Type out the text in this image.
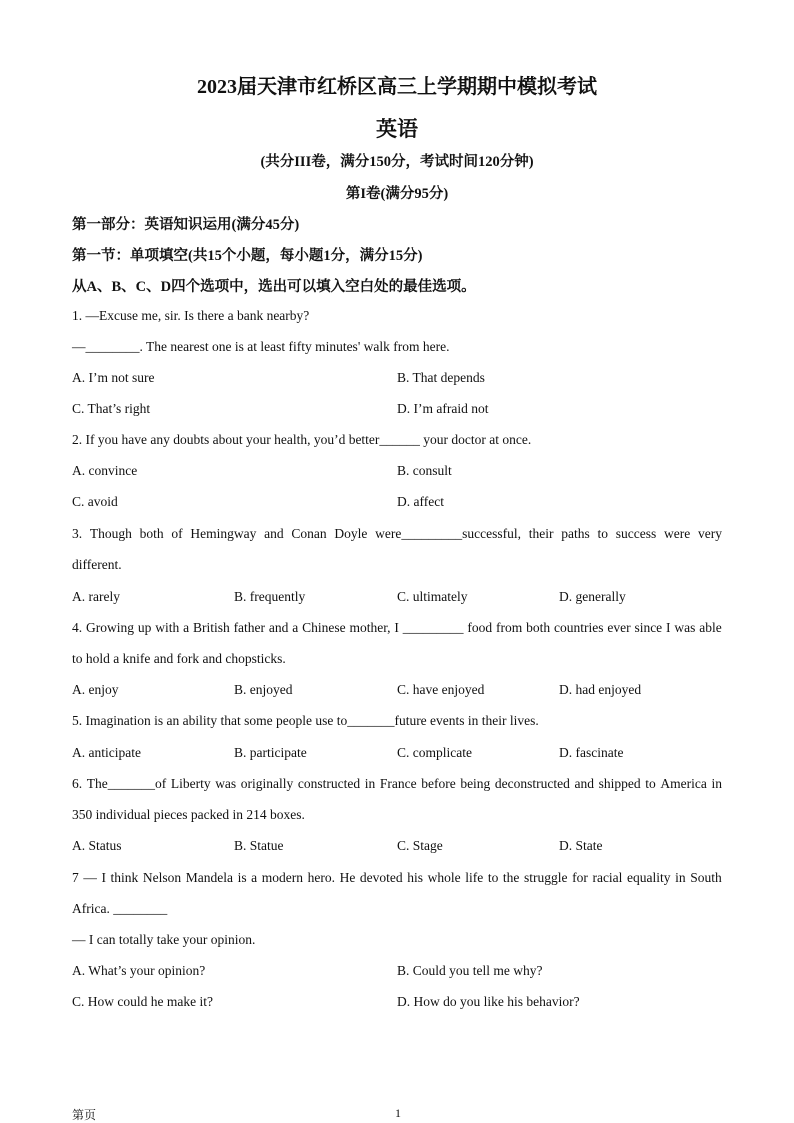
2023届天津市红桥区高三上学期期中模拟考试
英语
(共分III卷，满分150分，考试时间120分钟)
第I卷(满分95分)
第一部分：英语知识运用(满分45分)
第一节：单项填空(共15个小题，每小题1分，满分15分)
从A、B、C、D四个选项中，选出可以填入空白处的最佳选项。
1. —Excuse me, sir. Is there a bank nearby?
—________. The nearest one is at least fifty minutes' walk from here.
A. I’m not sure	B. That depends
C. That’s right	D. I’m afraid not
2. If you have any doubts about your health, you’d better______ your doctor at once.
A. convince	B. consult
C. avoid	D. affect
3. Though both of Hemingway and Conan Doyle were_________successful, their paths to success were very
different.
A. rarely	B. frequently	C. ultimately	D. generally
4. Growing up with a British father and a Chinese mother, I _________ food from both countries ever since I was able
to hold a knife and fork and chopsticks.
A. enjoy	B. enjoyed	C. have enjoyed	D. had enjoyed
5. Imagination is an ability that some people use to_______future events in their lives.
A. anticipate	B. participate	C. complicate	D. fascinate
6. The_______of Liberty was originally constructed in France before being deconstructed and shipped to America in
350 individual pieces packed in 214 boxes.
A. Status	B. Statue	C. Stage	D. State
7 — I think Nelson Mandela is a modern hero. He devoted his whole life to the struggle for racial equality in South
Africa. ________
— I can totally take your opinion.
A. What’s your opinion?	B. Could you tell me why?
C. How could he make it?	D. How do you like his behavior?
第页	1
